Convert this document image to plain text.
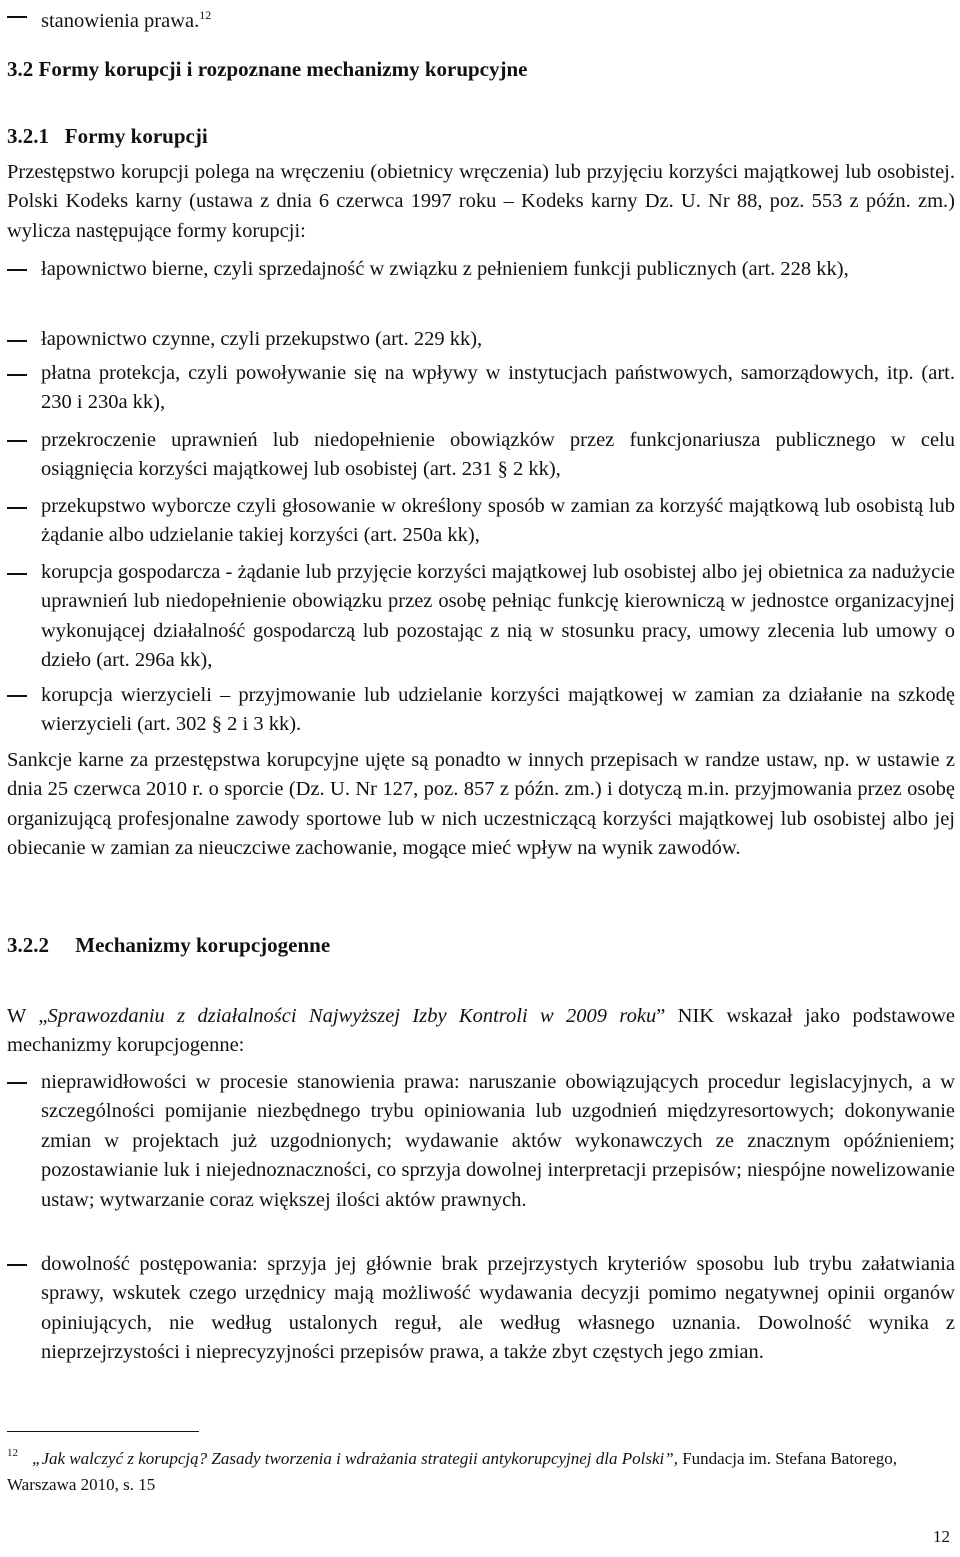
stanowienia prawa.$^{12}$
3.2 Formy korupcji i rozpoznane mechanizmy korupcyjne
3.2.1 Formy korupcji
Przestępstwo korupcji polega na wręczeniu (obietnicy wręczenia) lub przyjęciu korzyści majątkowej lub osobistej. Polski Kodeks karny (ustawa z dnia 6 czerwca 1997 roku – Kodeks karny Dz. U. Nr 88, poz. 553 z późn. zm.) wylicza następujące formy korupcji:
łapownictwo bierne, czyli sprzedajność w związku z pełnieniem funkcji publicznych (art. 228 kk),
łapownictwo czynne, czyli przekupstwo (art. 229 kk),
płatna protekcja, czyli powoływanie się na wpływy w instytucjach państwowych, samorządowych, itp. (art. 230 i 230a kk),
przekroczenie uprawnień lub niedopełnienie obowiązków przez funkcjonariusza publicznego w celu osiągnięcia korzyści majątkowej lub osobistej (art. 231 § 2 kk),
przekupstwo wyborcze czyli głosowanie w określony sposób w zamian za korzyść majątkową lub osobistą lub żądanie albo udzielanie takiej korzyści (art. 250a kk),
korupcja gospodarcza - żądanie lub przyjęcie korzyści majątkowej lub osobistej albo jej obietnica za nadużycie uprawnień lub niedopełnienie obowiązku przez osobę pełniąc funkcję kierowniczą w jednostce organizacyjnej wykonującej działalność gospodarczą lub pozostając z nią w stosunku pracy, umowy zlecenia lub umowy o dzieło (art. 296a kk),
korupcja wierzycieli – przyjmowanie lub udzielanie korzyści majątkowej w zamian za działanie na szkodę wierzycieli (art. 302 § 2 i 3 kk).
Sankcje karne za przestępstwa korupcyjne ujęte są ponadto w innych przepisach w randze ustaw, np. w ustawie z dnia 25 czerwca 2010 r. o sporcie (Dz. U. Nr 127, poz. 857 z późn. zm.) i dotyczą m.in. przyjmowania przez osobę organizującą profesjonalne zawody sportowe lub w nich uczestniczącą korzyści majątkowej lub osobistej albo jej obiecanie w zamian za nieuczciwe zachowanie, mogące mieć wpływ na wynik zawodów.
3.2.2 Mechanizmy korupcjogenne
W „Sprawozdaniu z działalności Najwyższej Izby Kontroli w 2009 roku” NIK wskazał jako podstawowe mechanizmy korupcjogenne:
nieprawidłowości w procesie stanowienia prawa: naruszanie obowiązujących procedur legislacyjnych, a w szczególności pomijanie niezbędnego trybu opiniowania lub uzgodnień międzyresortowych; dokonywanie zmian w projektach już uzgodnionych; wydawanie aktów wykonawczych ze znacznym opóźnieniem; pozostawianie luk i niejednoznaczności, co sprzyja dowolnej interpretacji przepisów; niespójne nowelizowanie ustaw; wytwarzanie coraz większej ilości aktów prawnych.
dowolność postępowania: sprzyja jej głównie brak przejrzystych kryteriów sposobu lub trybu załatwiania sprawy, wskutek czego urzędnicy mają możliwość wydawania decyzji pomimo negatywnej opinii organów opiniujących, nie według ustalonych reguł, ale według własnego uznania. Dowolność wynika z nieprzejrzystości i nieprecyzyjności przepisów prawa, a także zbyt częstych jego zmian.
$^{12}$ „Jak walczyć z korupcją? Zasady tworzenia i wdrażania strategii antykorupcyjnej dla Polski”, Fundacja im. Stefana Batorego, Warszawa 2010, s. 15
12
